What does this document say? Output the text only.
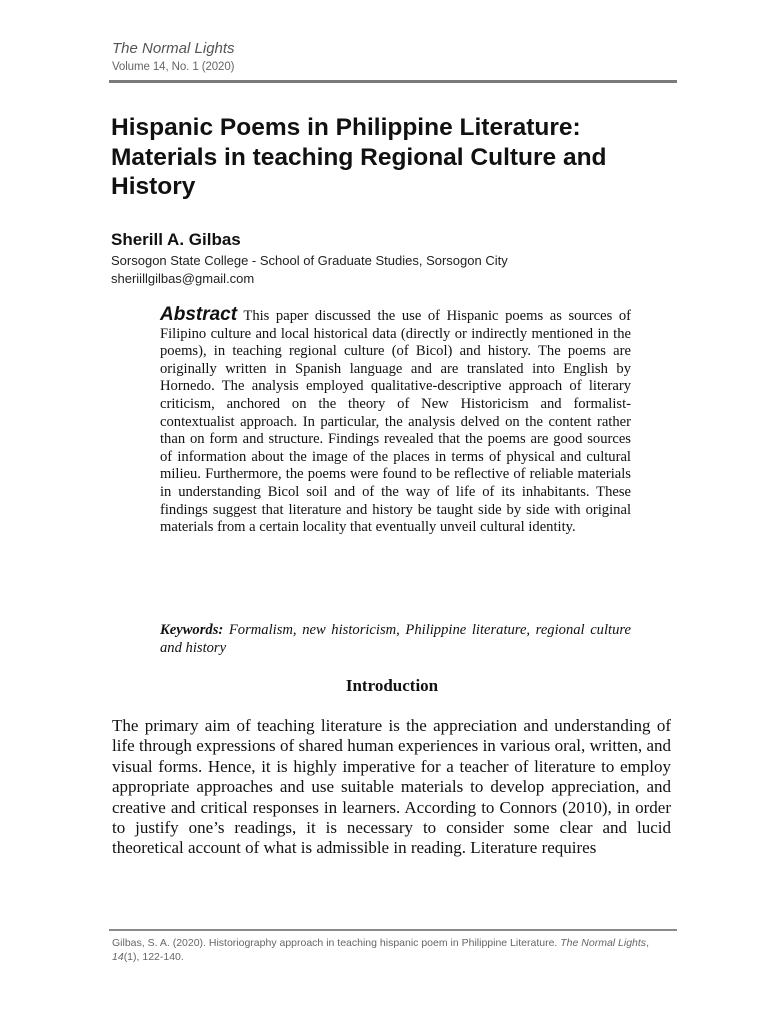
The Normal Lights
Volume 14, No. 1 (2020)
Hispanic Poems in Philippine Literature: Materials in teaching Regional Culture and History
Sherill A. Gilbas
Sorsogon State College - School of Graduate Studies, Sorsogon City
sheriillgilbas@gmail.com

Abstract This paper discussed the use of Hispanic poems as sources of Filipino culture and local historical data (directly or indirectly mentioned in the poems), in teaching regional culture (of Bicol) and history. The poems are originally written in Spanish language and are translated into English by Hornedo. The analysis employed qualitative-descriptive approach of literary criticism, anchored on the theory of New Historicism and formalist-contextualist approach. In particular, the analysis delved on the content rather than on form and structure. Findings revealed that the poems are good sources of information about the image of the places in terms of physical and cultural milieu. Furthermore, the poems were found to be reflective of reliable materials in understanding Bicol soil and of the way of life of its inhabitants. These findings suggest that literature and history be taught side by side with original materials from a certain locality that eventually unveil cultural identity.

Keywords: Formalism, new historicism, Philippine literature, regional culture and history

Introduction

The primary aim of teaching literature is the appreciation and understanding of life through expressions of shared human experiences in various oral, written, and visual forms. Hence, it is highly imperative for a teacher of literature to employ appropriate approaches and use suitable materials to develop appreciation, and creative and critical responses in learners. According to Connors (2010), in order to justify one’s readings, it is necessary to consider some clear and lucid theoretical account of what is admissible in reading. Literature requires

Gilbas, S. A. (2020). Historiography approach in teaching hispanic poem in Philippine Literature. The Normal Lights, 14(1), 122-140.
